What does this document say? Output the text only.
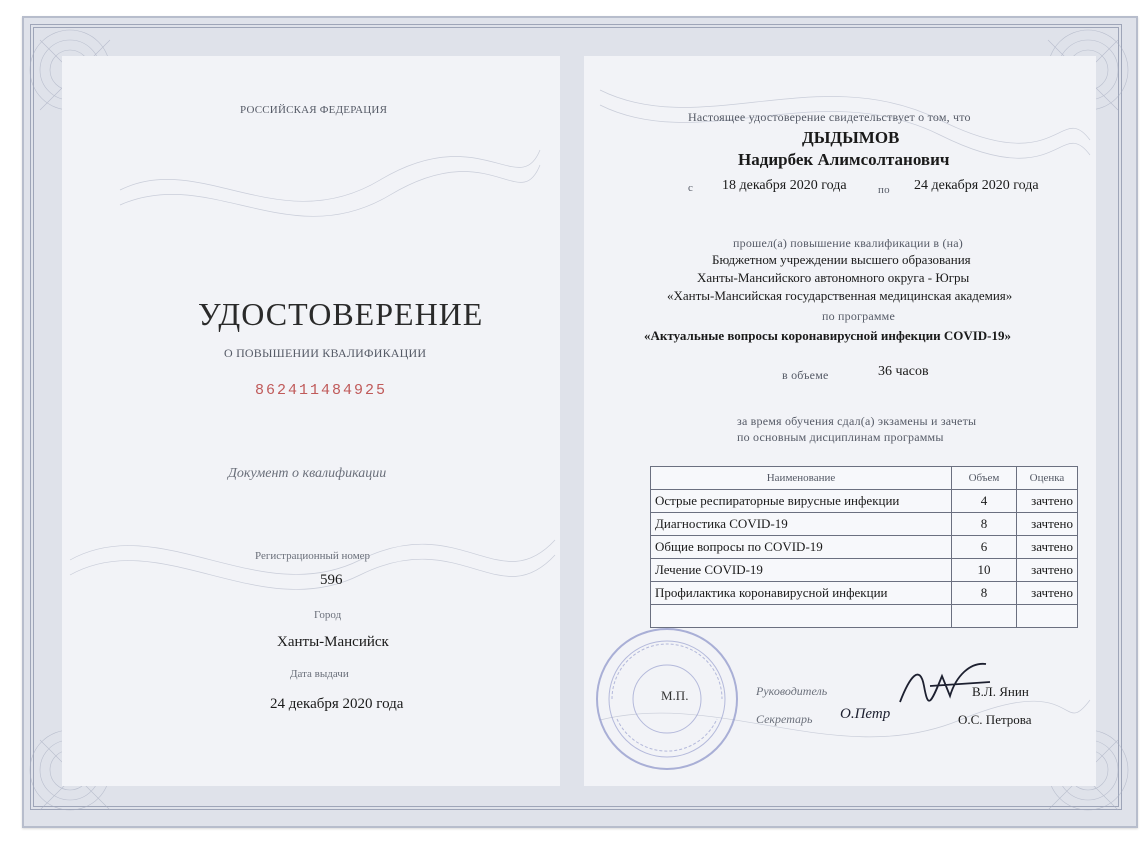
РОССИЙСКАЯ ФЕДЕРАЦИЯ
УДОСТОВЕРЕНИЕ
О ПОВЫШЕНИИ КВАЛИФИКАЦИИ
862411484925
Документ о квалификации
Регистрационный номер
596
Город
Ханты-Мансийск
Дата выдачи
24 декабря 2020 года
Настоящее удостоверение свидетельствует о том, что
ДЫДЫМОВ
Надирбек Алимсолтанович
с 18 декабря 2020 года	по 24 декабря 2020 года
прошел(а) повышение квалификации в (на)
Бюджетном учреждении высшего образования
Ханты-Мансийского автономного округа - Югры
«Ханты-Мансийская государственная медицинская академия»
по программе
«Актуальные вопросы коронавирусной инфекции COVID-19»
в объеме	36 часов
за время обучения сдал(а) экзамены и зачеты
по основным дисциплинам программы
Наименование	Объем	Оценка
Острые респираторные вирусные инфекции	4	зачтено
Диагностика COVID-19	8	зачтено
Общие вопросы по COVID-19	6	зачтено
Лечение COVID-19	10	зачтено
Профилактика коронавирусной инфекции	8	зачтено

М.П.	Руководитель	В.Л. Янин
Секретарь О.Петр	О.С. Петрова
